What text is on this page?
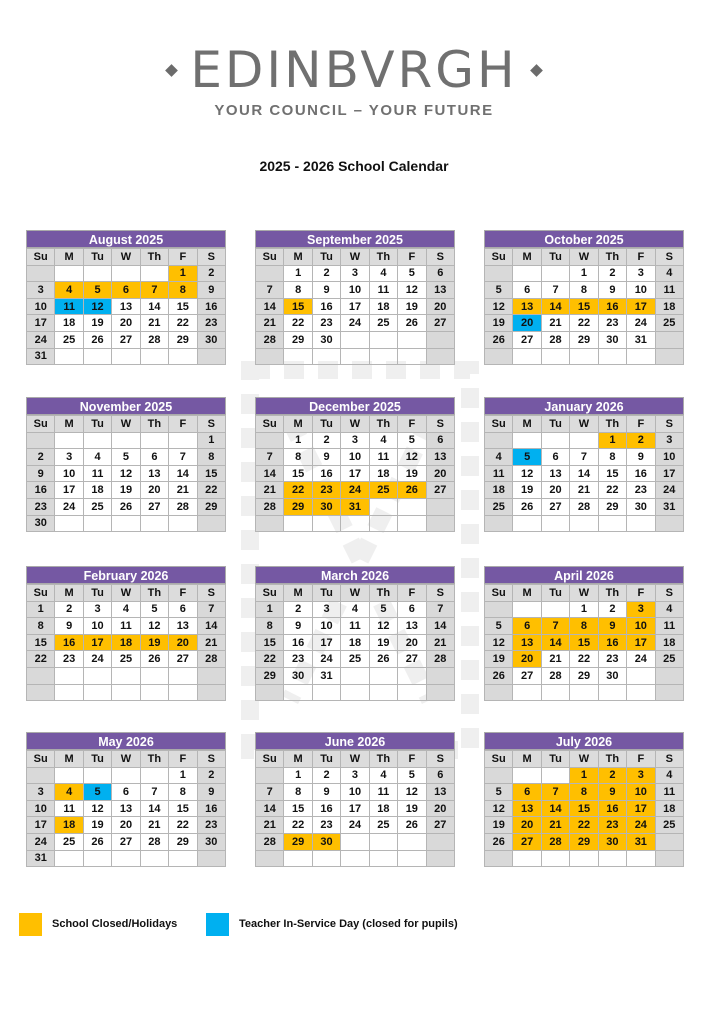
EDINBVRGH
YOUR COUNCIL – YOUR FUTURE
2025 - 2026 School Calendar
August 2025
Su	M	Tu	W	Th	F	S
					1	2
3	4	5	6	7	8	9
10	11	12	13	14	15	16
17	18	19	20	21	22	23
24	25	26	27	28	29	30
31						
September 2025
Su	M	Tu	W	Th	F	S
	1	2	3	4	5	6
7	8	9	10	11	12	13
14	15	16	17	18	19	20
21	22	23	24	25	26	27
28	29	30				

October 2025
Su	M	Tu	W	Th	F	S
			1	2	3	4
5	6	7	8	9	10	11
12	13	14	15	16	17	18
19	20	21	22	23	24	25
26	27	28	29	30	31	

November 2025
Su	M	Tu	W	Th	F	S
						1
2	3	4	5	6	7	8
9	10	11	12	13	14	15
16	17	18	19	20	21	22
23	24	25	26	27	28	29
30						
December 2025
Su	M	Tu	W	Th	F	S
	1	2	3	4	5	6
7	8	9	10	11	12	13
14	15	16	17	18	19	20
21	22	23	24	25	26	27
28	29	30	31			

January 2026
Su	M	Tu	W	Th	F	S
				1	2	3
4	5	6	7	8	9	10
11	12	13	14	15	16	17
18	19	20	21	22	23	24
25	26	27	28	29	30	31

February 2026
Su	M	Tu	W	Th	F	S
1	2	3	4	5	6	7
8	9	10	11	12	13	14
15	16	17	18	19	20	21
22	23	24	25	26	27	28

March 2026
Su	M	Tu	W	Th	F	S
1	2	3	4	5	6	7
8	9	10	11	12	13	14
15	16	17	18	19	20	21
22	23	24	25	26	27	28
29	30	31				

April 2026
Su	M	Tu	W	Th	F	S
			1	2	3	4
5	6	7	8	9	10	11
12	13	14	15	16	17	18
19	20	21	22	23	24	25
26	27	28	29	30		

May 2026
Su	M	Tu	W	Th	F	S
					1	2
3	4	5	6	7	8	9
10	11	12	13	14	15	16
17	18	19	20	21	22	23
24	25	26	27	28	29	30
31						
June 2026
Su	M	Tu	W	Th	F	S
	1	2	3	4	5	6
7	8	9	10	11	12	13
14	15	16	17	18	19	20
21	22	23	24	25	26	27
28	29	30				

July 2026
Su	M	Tu	W	Th	F	S
			1	2	3	4
5	6	7	8	9	10	11
12	13	14	15	16	17	18
19	20	21	22	23	24	25
26	27	28	29	30	31	

School Closed/Holidays	Teacher In-Service Day (closed for pupils)
